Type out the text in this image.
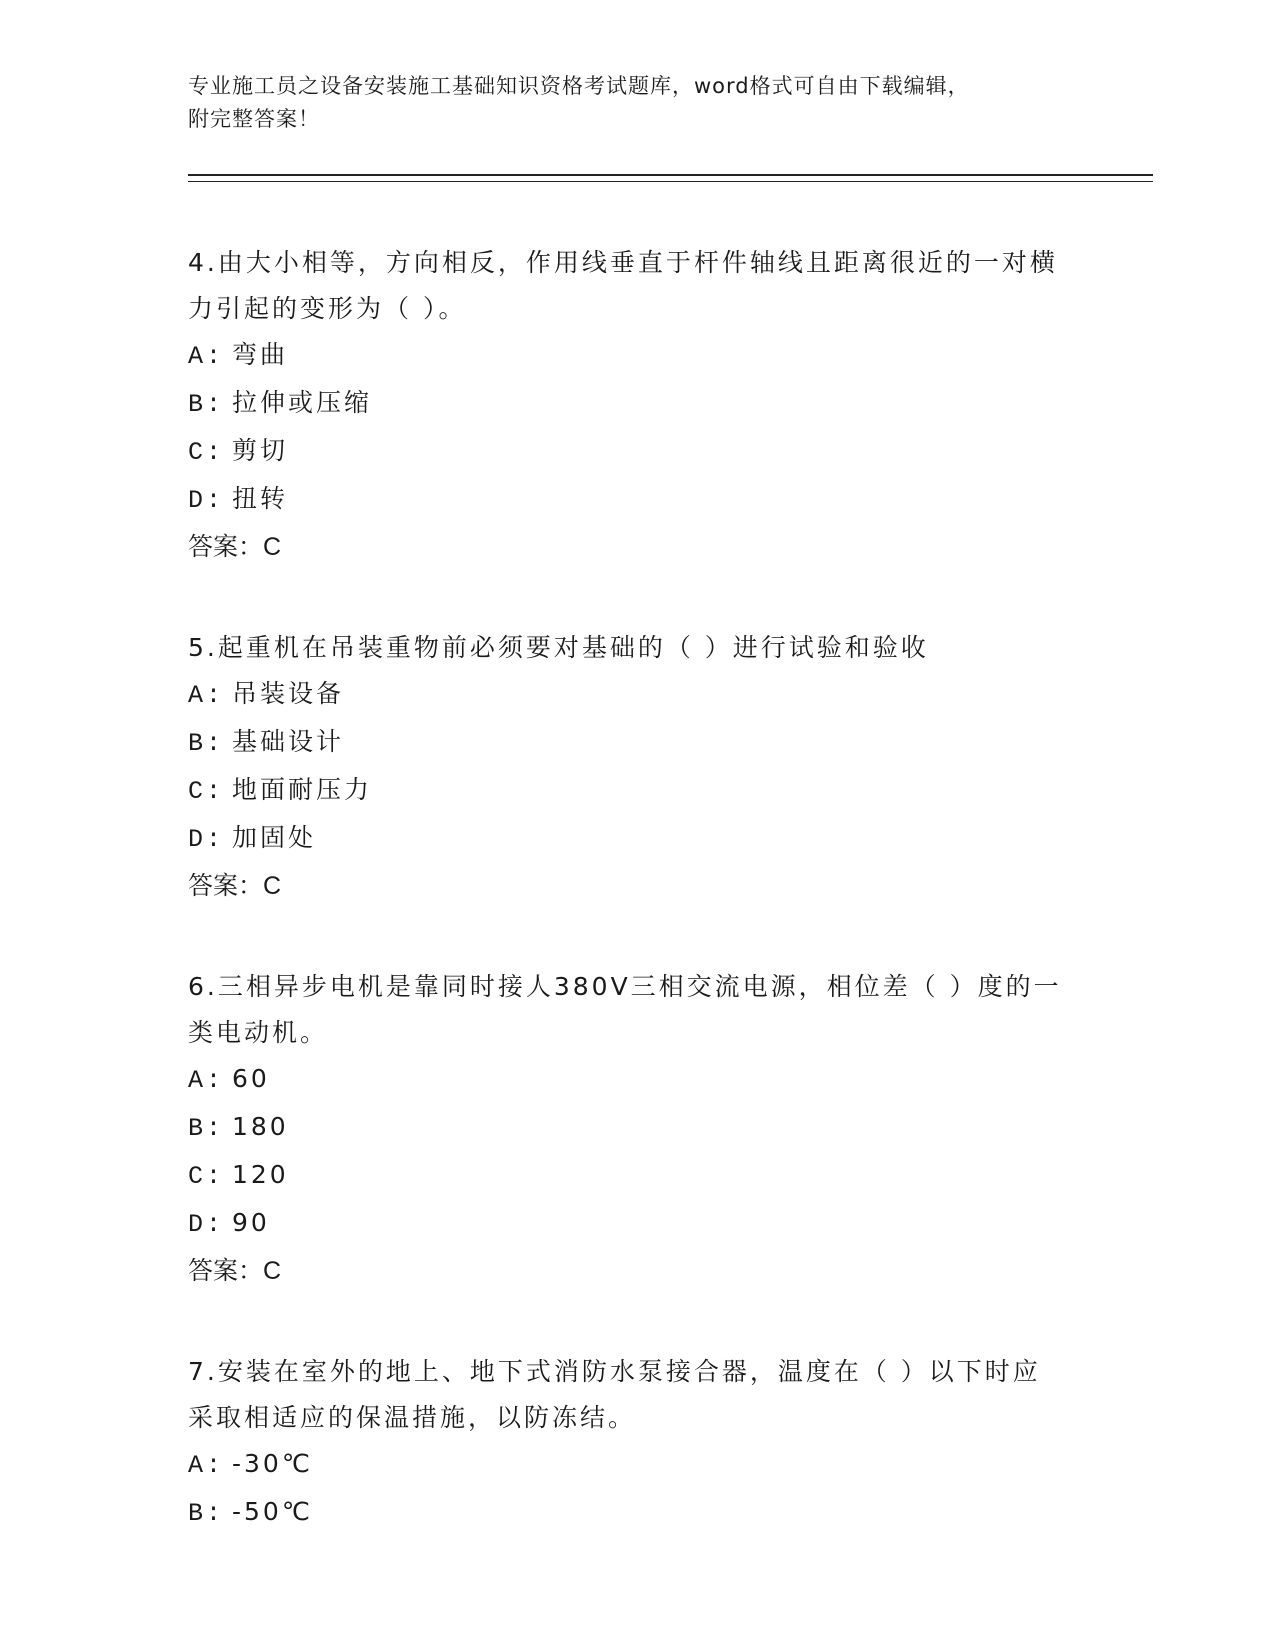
专业施工员之设备安装施工基础知识资格考试题库，word格式可自由下载编辑，
附完整答案！
4.由大小相等，方向相反，作用线垂直于杆件轴线且距离很近的一对横力引起的变形为（ ）。
A: 弯曲
B: 拉伸或压缩
C: 剪切
D: 扭转
答案：C
5.起重机在吊装重物前必须要对基础的（ ）进行试验和验收
A: 吊装设备
B: 基础设计
C: 地面耐压力
D: 加固处
答案：C
6.三相异步电机是靠同时接人380V三相交流电源，相位差（ ）度的一类电动机。
A: 60
B: 180
C: 120
D: 90
答案：C
7.安装在室外的地上、地下式消防水泵接合器，温度在（ ）以下时应采取相适应的保温措施，以防冻结。
A: -30℃
B: -50℃
